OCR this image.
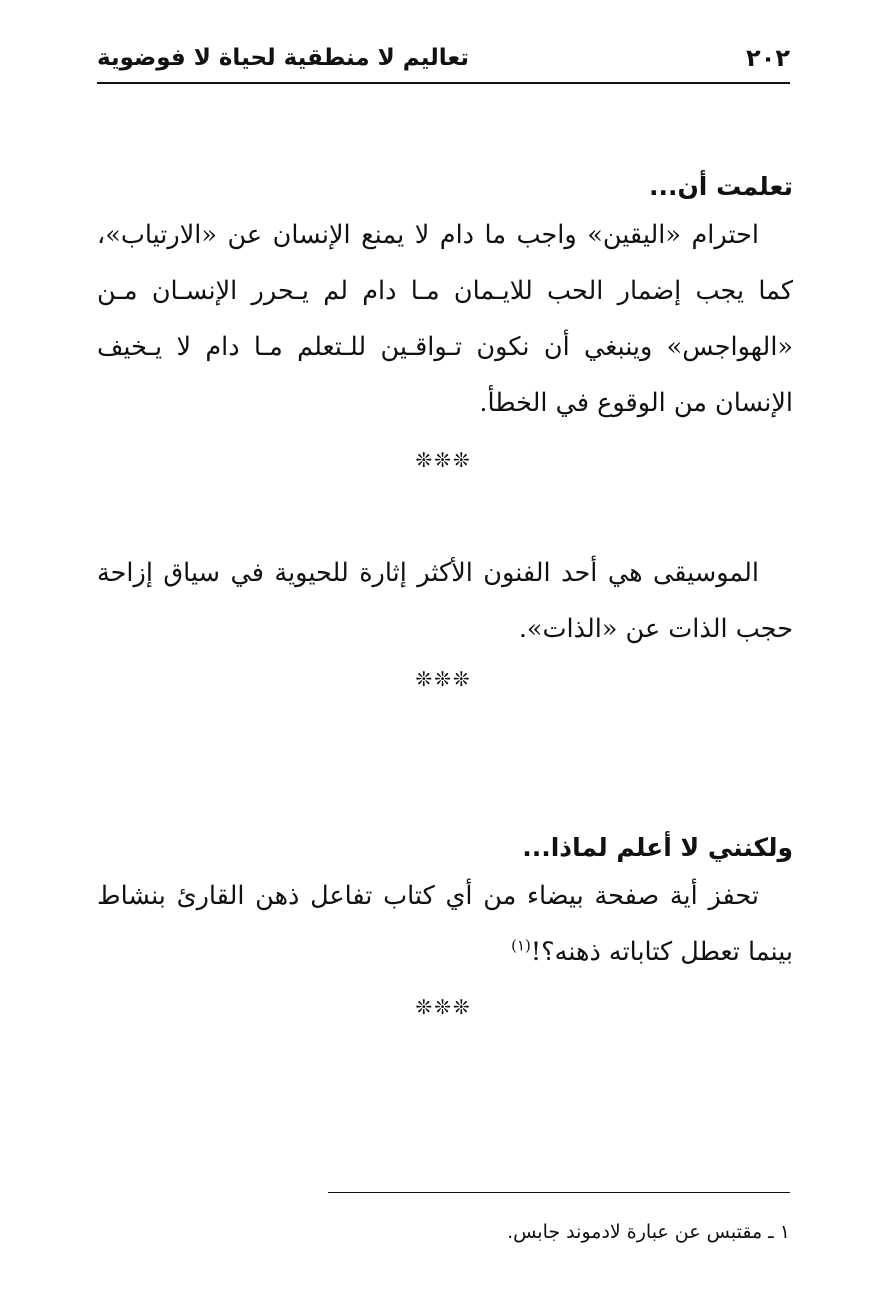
٢٠٢
تعاليم لا منطقية لحياة لا فوضوية
تعلمت أن...

احترام «اليقين» واجب ما دام لا يمنع الإنسان عن «الارتياب»، كما يجب إضمار الحب للايـمان مـا دام لم يـحرر الإنسـان مـن «الهواجس» وينبغي أن نكون تـواقـين للـتعلم مـا دام لا يـخيف الإنسان من الوقوع في الخطأ.

❊❊❊

الموسيقى هي أحد الفنون الأكثر إثارة للحيوية في سياق إزاحة حجب الذات عن «الذات».

❊❊❊
ولكنني لا أعلم لماذا...

تحفز أية صفحة بيضاء من أي كتاب تفاعل ذهن القارئ بنشاط بينما تعطل كتاباته ذهنه؟!$^{(١)}$

❊❊❊
١ ـ مقتبس عن عبارة لادموند جابس.
